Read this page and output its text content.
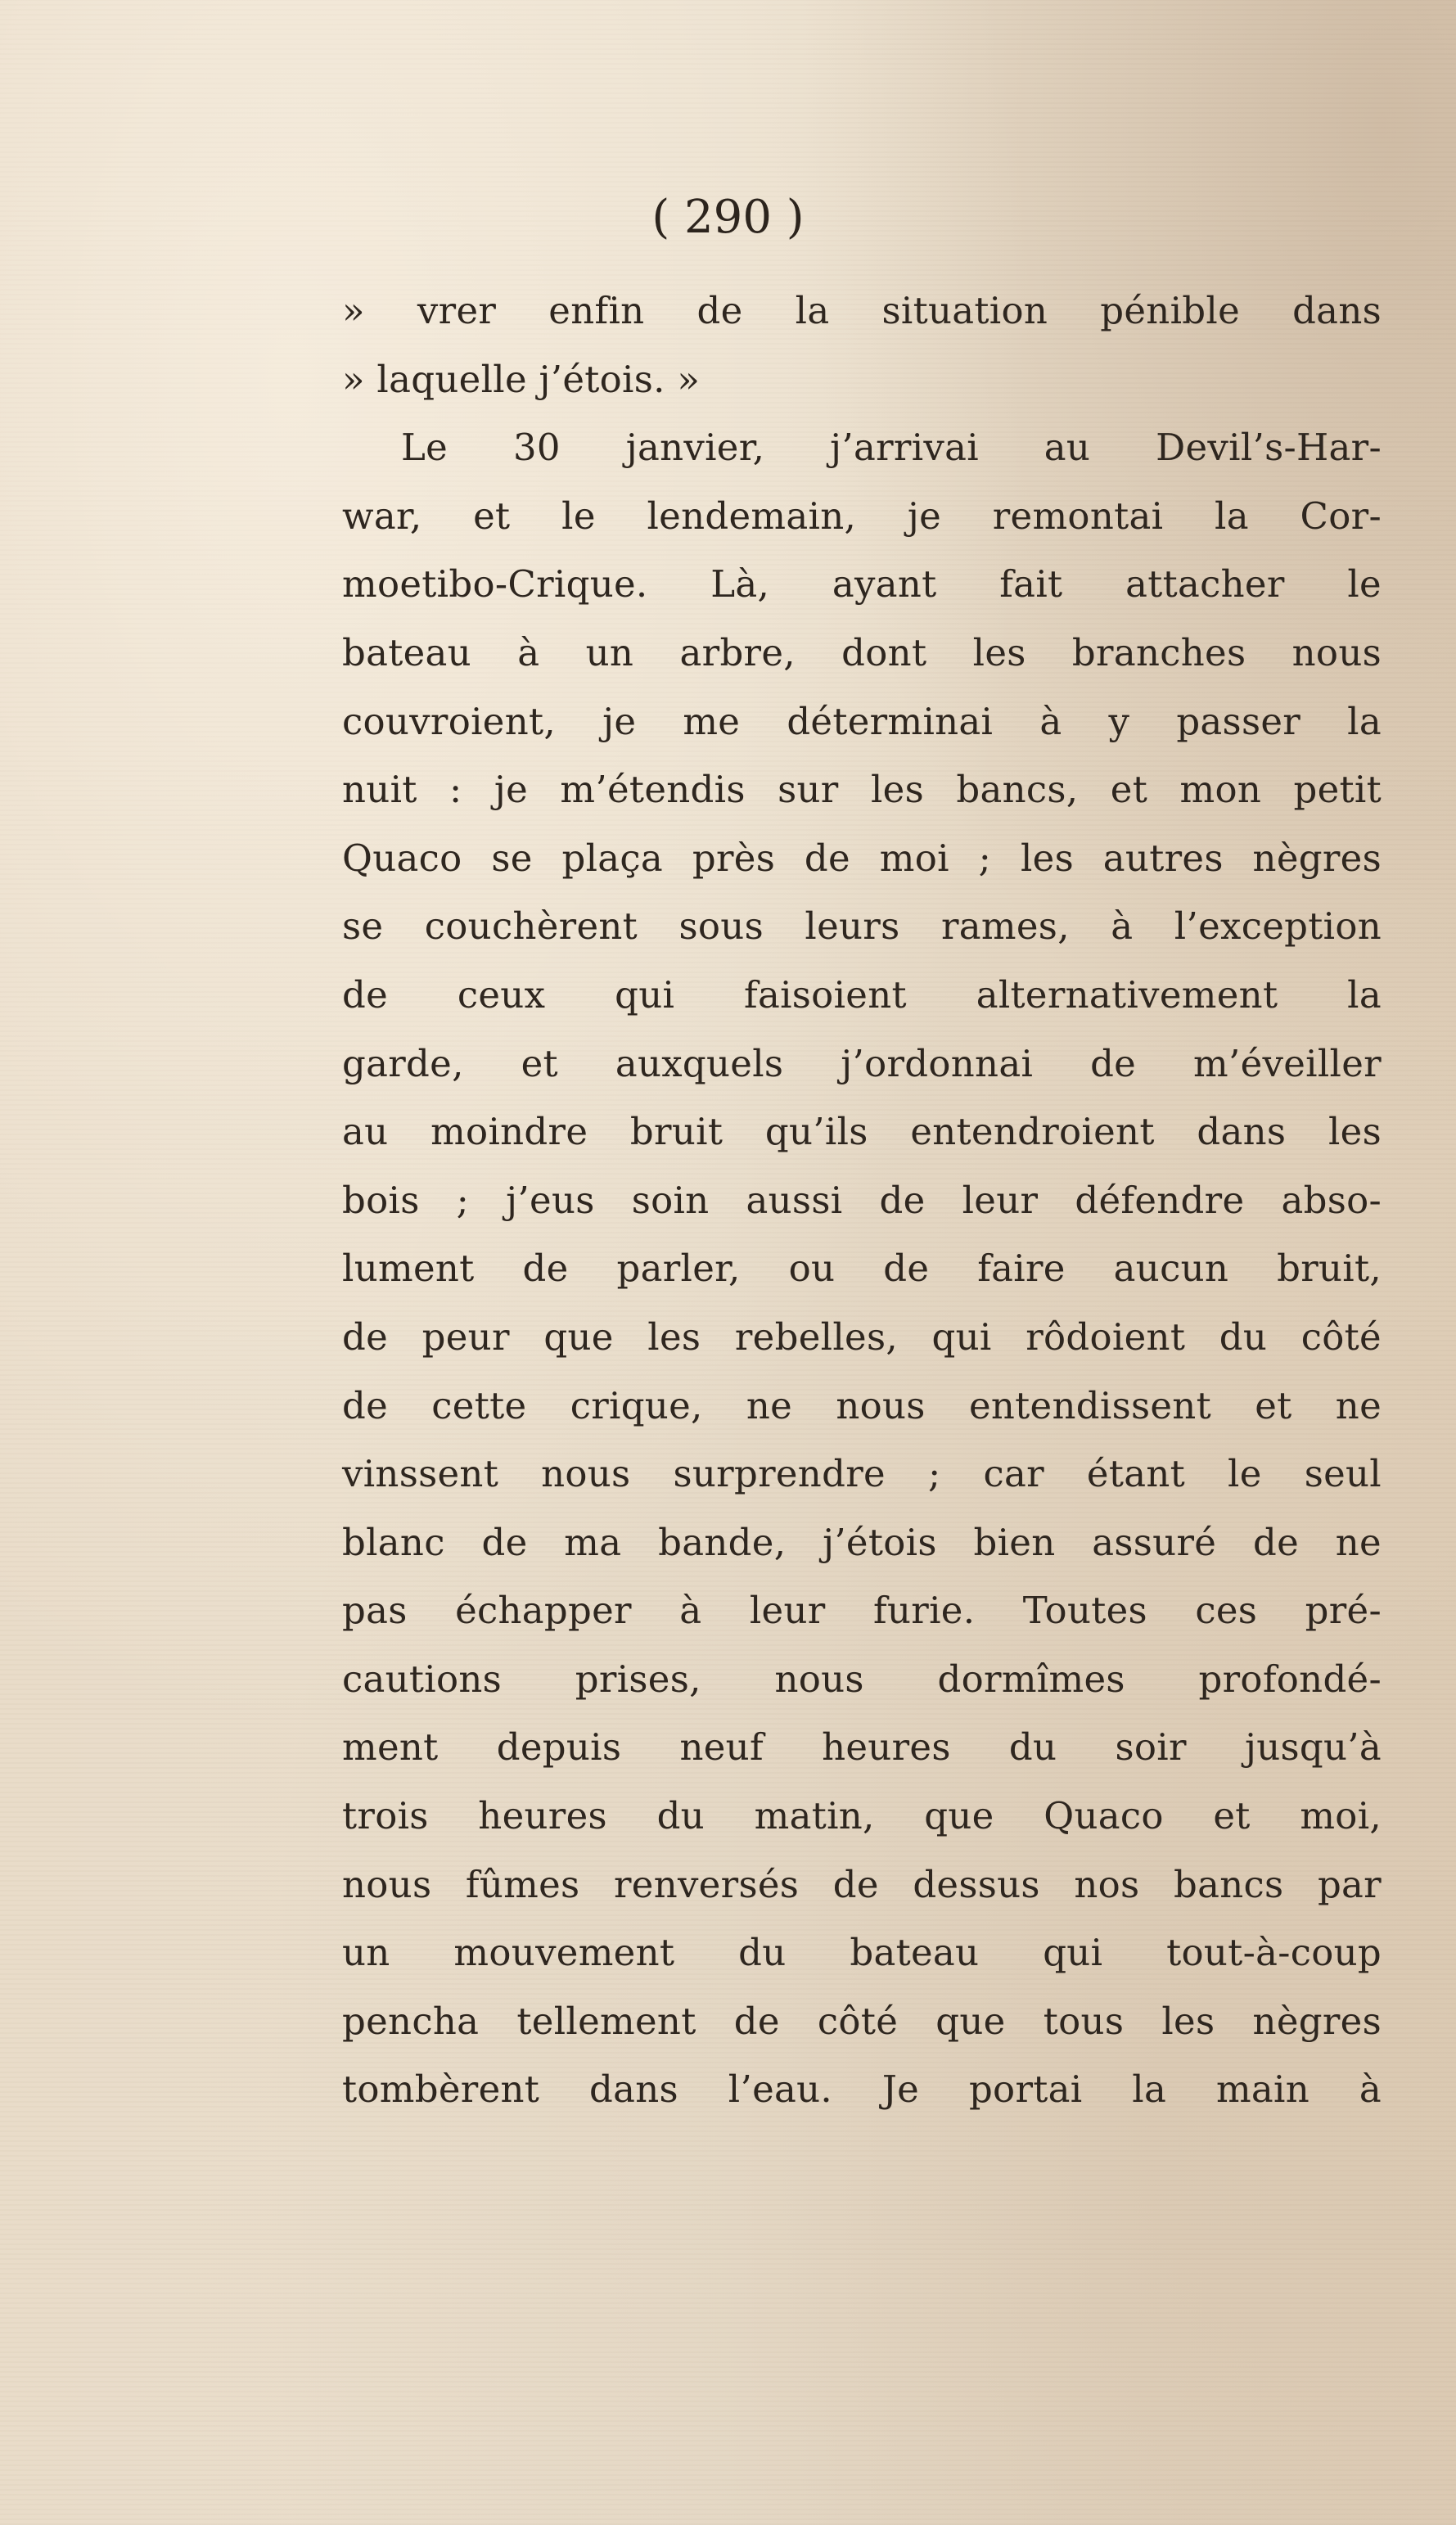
( 290 )
» vrer enfin de la situation pénible dans
» laquelle j’étois. »
Le 30 janvier, j’arrivai au Devil’s-Har-
war, et le lendemain, je remontai la Cor-
moetibo-Crique. Là, ayant fait attacher le
bateau à un arbre, dont les branches nous
couvroient, je me déterminai à y passer la
nuit : je m’étendis sur les bancs, et mon petit
Quaco se plaça près de moi ; les autres nègres
se couchèrent sous leurs rames, à l’exception
de ceux qui faisoient alternativement la
garde, et auxquels j’ordonnai de m’éveiller
au moindre bruit qu’ils entendroient dans les
bois ; j’eus soin aussi de leur défendre abso-
lument de parler, ou de faire aucun bruit,
de peur que les rebelles, qui rôdoient du côté
de cette crique, ne nous entendissent et ne
vinssent nous surprendre ; car étant le seul
blanc de ma bande, j’étois bien assuré de ne
pas échapper à leur furie. Toutes ces pré-
cautions prises, nous dormîmes profondé-
ment depuis neuf heures du soir jusqu’à
trois heures du matin, que Quaco et moi,
nous fûmes renversés de dessus nos bancs par
un mouvement du bateau qui tout-à-coup
pencha tellement de côté que tous les nègres
tombèrent dans l’eau. Je portai la main à
